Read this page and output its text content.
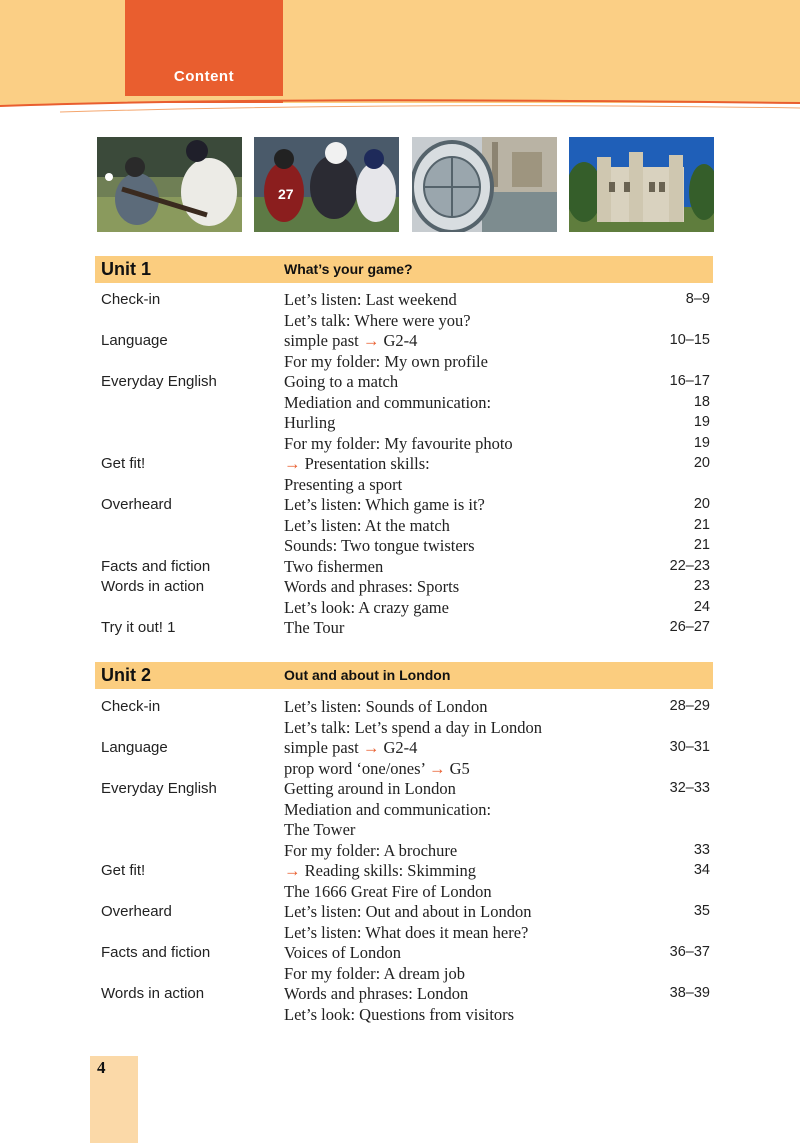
Content
27
Unit 1	What’s your game?
Check-in	Let’s listen: Last weekend	8–9
Let’s talk: Where were you?
Language	simple past → G2-4	10–15
For my folder: My own profile
Everyday English	Going to a match	16–17
Mediation and communication:	18
Hurling	19
For my folder: My favourite photo	19
Get fit!	→ Presentation skills:	20
Presenting a sport
Overheard	Let’s listen: Which game is it?	20
Let’s listen: At the match	21
Sounds: Two tongue twisters	21
Facts and fiction	Two fishermen	22–23
Words in action	Words and phrases: Sports	23
Let’s look: A crazy game	24
Try it out! 1	The Tour	26–27
Unit 2	Out and about in London
Check-in	Let’s listen: Sounds of London	28–29
Let’s talk: Let’s spend a day in London
Language	simple past → G2-4	30–31
prop word ‘one/ones’ → G5
Everyday English	Getting around in London	32–33
Mediation and communication:
The Tower
For my folder: A brochure	33
Get fit!	→ Reading skills: Skimming	34
The 1666 Great Fire of London
Overheard	Let’s listen: Out and about in London	35
Let’s listen: What does it mean here?
Facts and fiction	Voices of London	36–37
For my folder: A dream job
Words in action	Words and phrases: London	38–39
Let’s look: Questions from visitors
4
